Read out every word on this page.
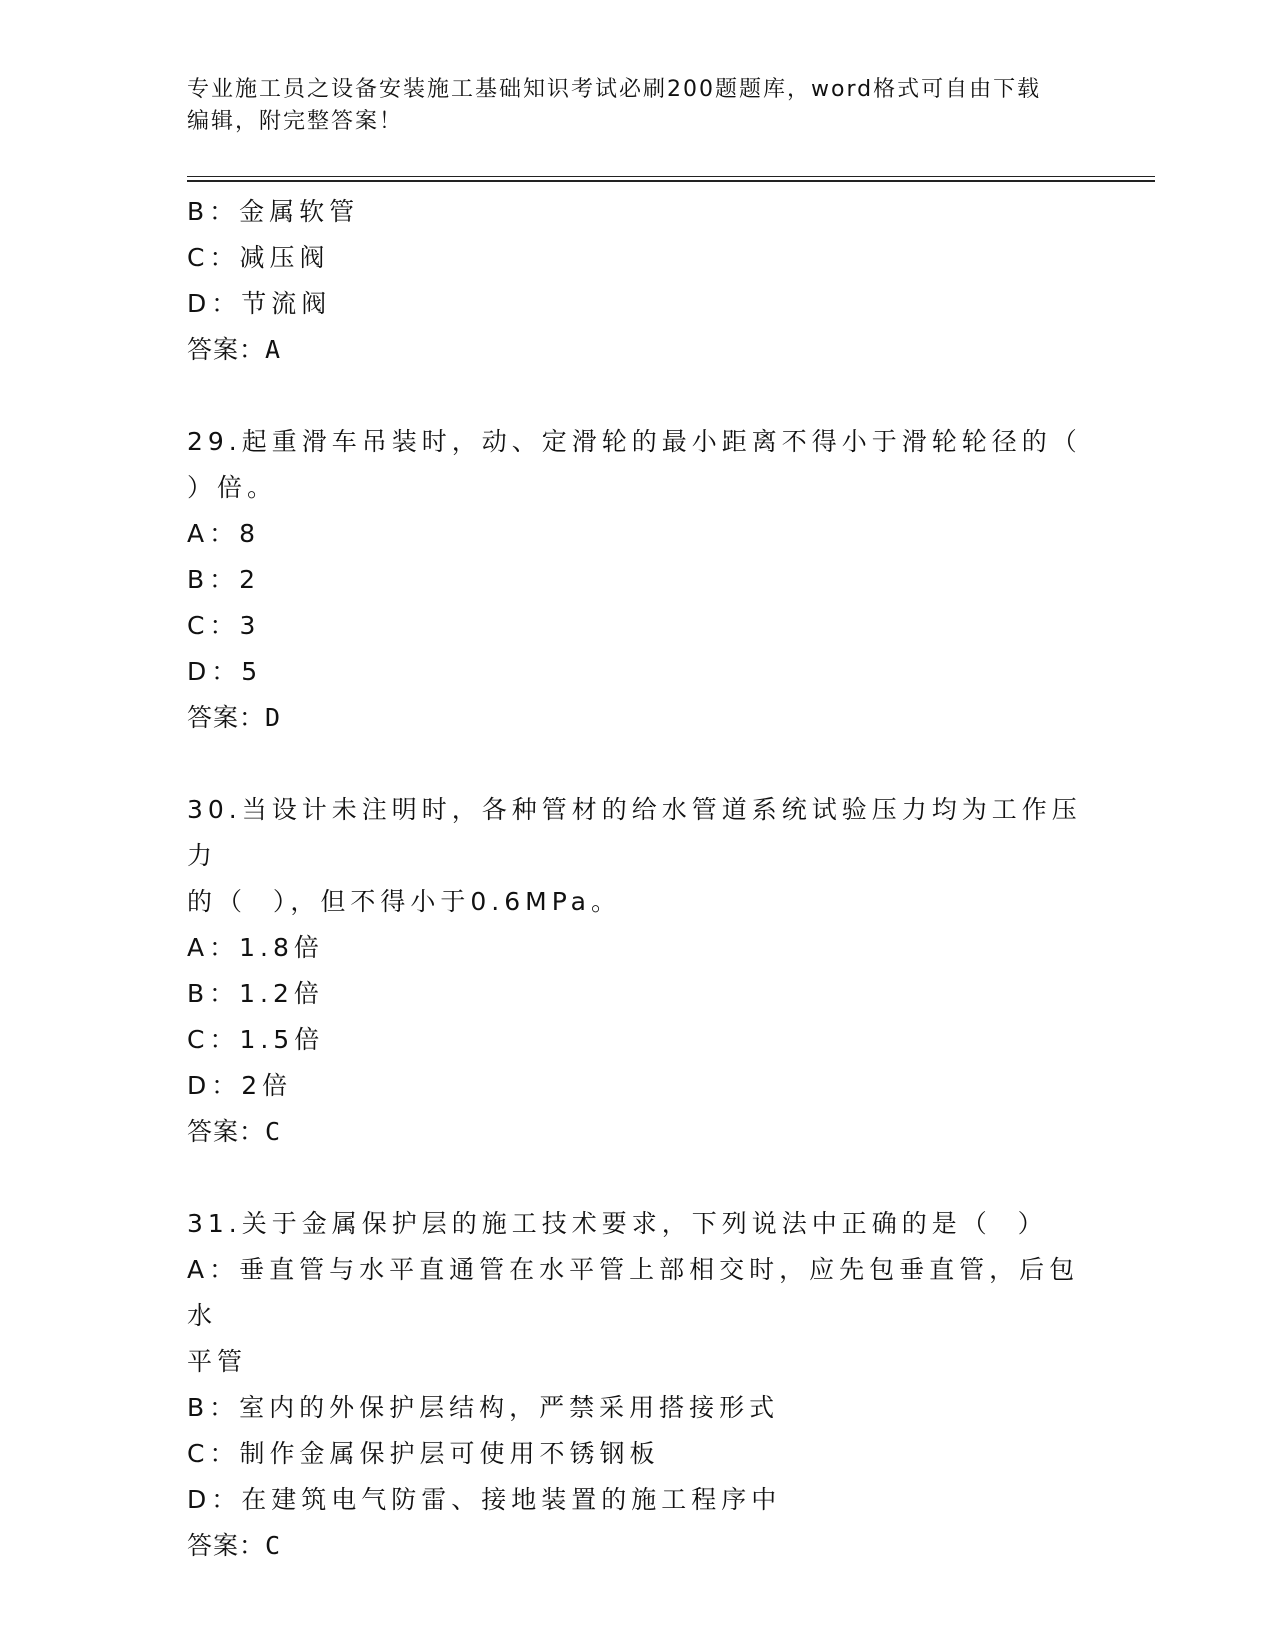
专业施工员之设备安装施工基础知识考试必刷200题题库，word格式可自由下载
编辑，附完整答案！
B：金属软管
C：减压阀
D：节流阀
答案：A
29.起重滑车吊装时，动、定滑轮的最小距离不得小于滑轮轮径的（
）倍。
A：8
B：2
C：3
D：5
答案：D
30.当设计未注明时，各种管材的给水管道系统试验压力均为工作压力
的（  ），但不得小于0.6MPa。
A：1.8倍
B：1.2倍
C：1.5倍
D：2倍
答案：C
31.关于金属保护层的施工技术要求，下列说法中正确的是（  ）
A：垂直管与水平直通管在水平管上部相交时，应先包垂直管，后包水
平管
B：室内的外保护层结构，严禁采用搭接形式
C：制作金属保护层可使用不锈钢板
D：在建筑电气防雷、接地装置的施工程序中
答案：C
